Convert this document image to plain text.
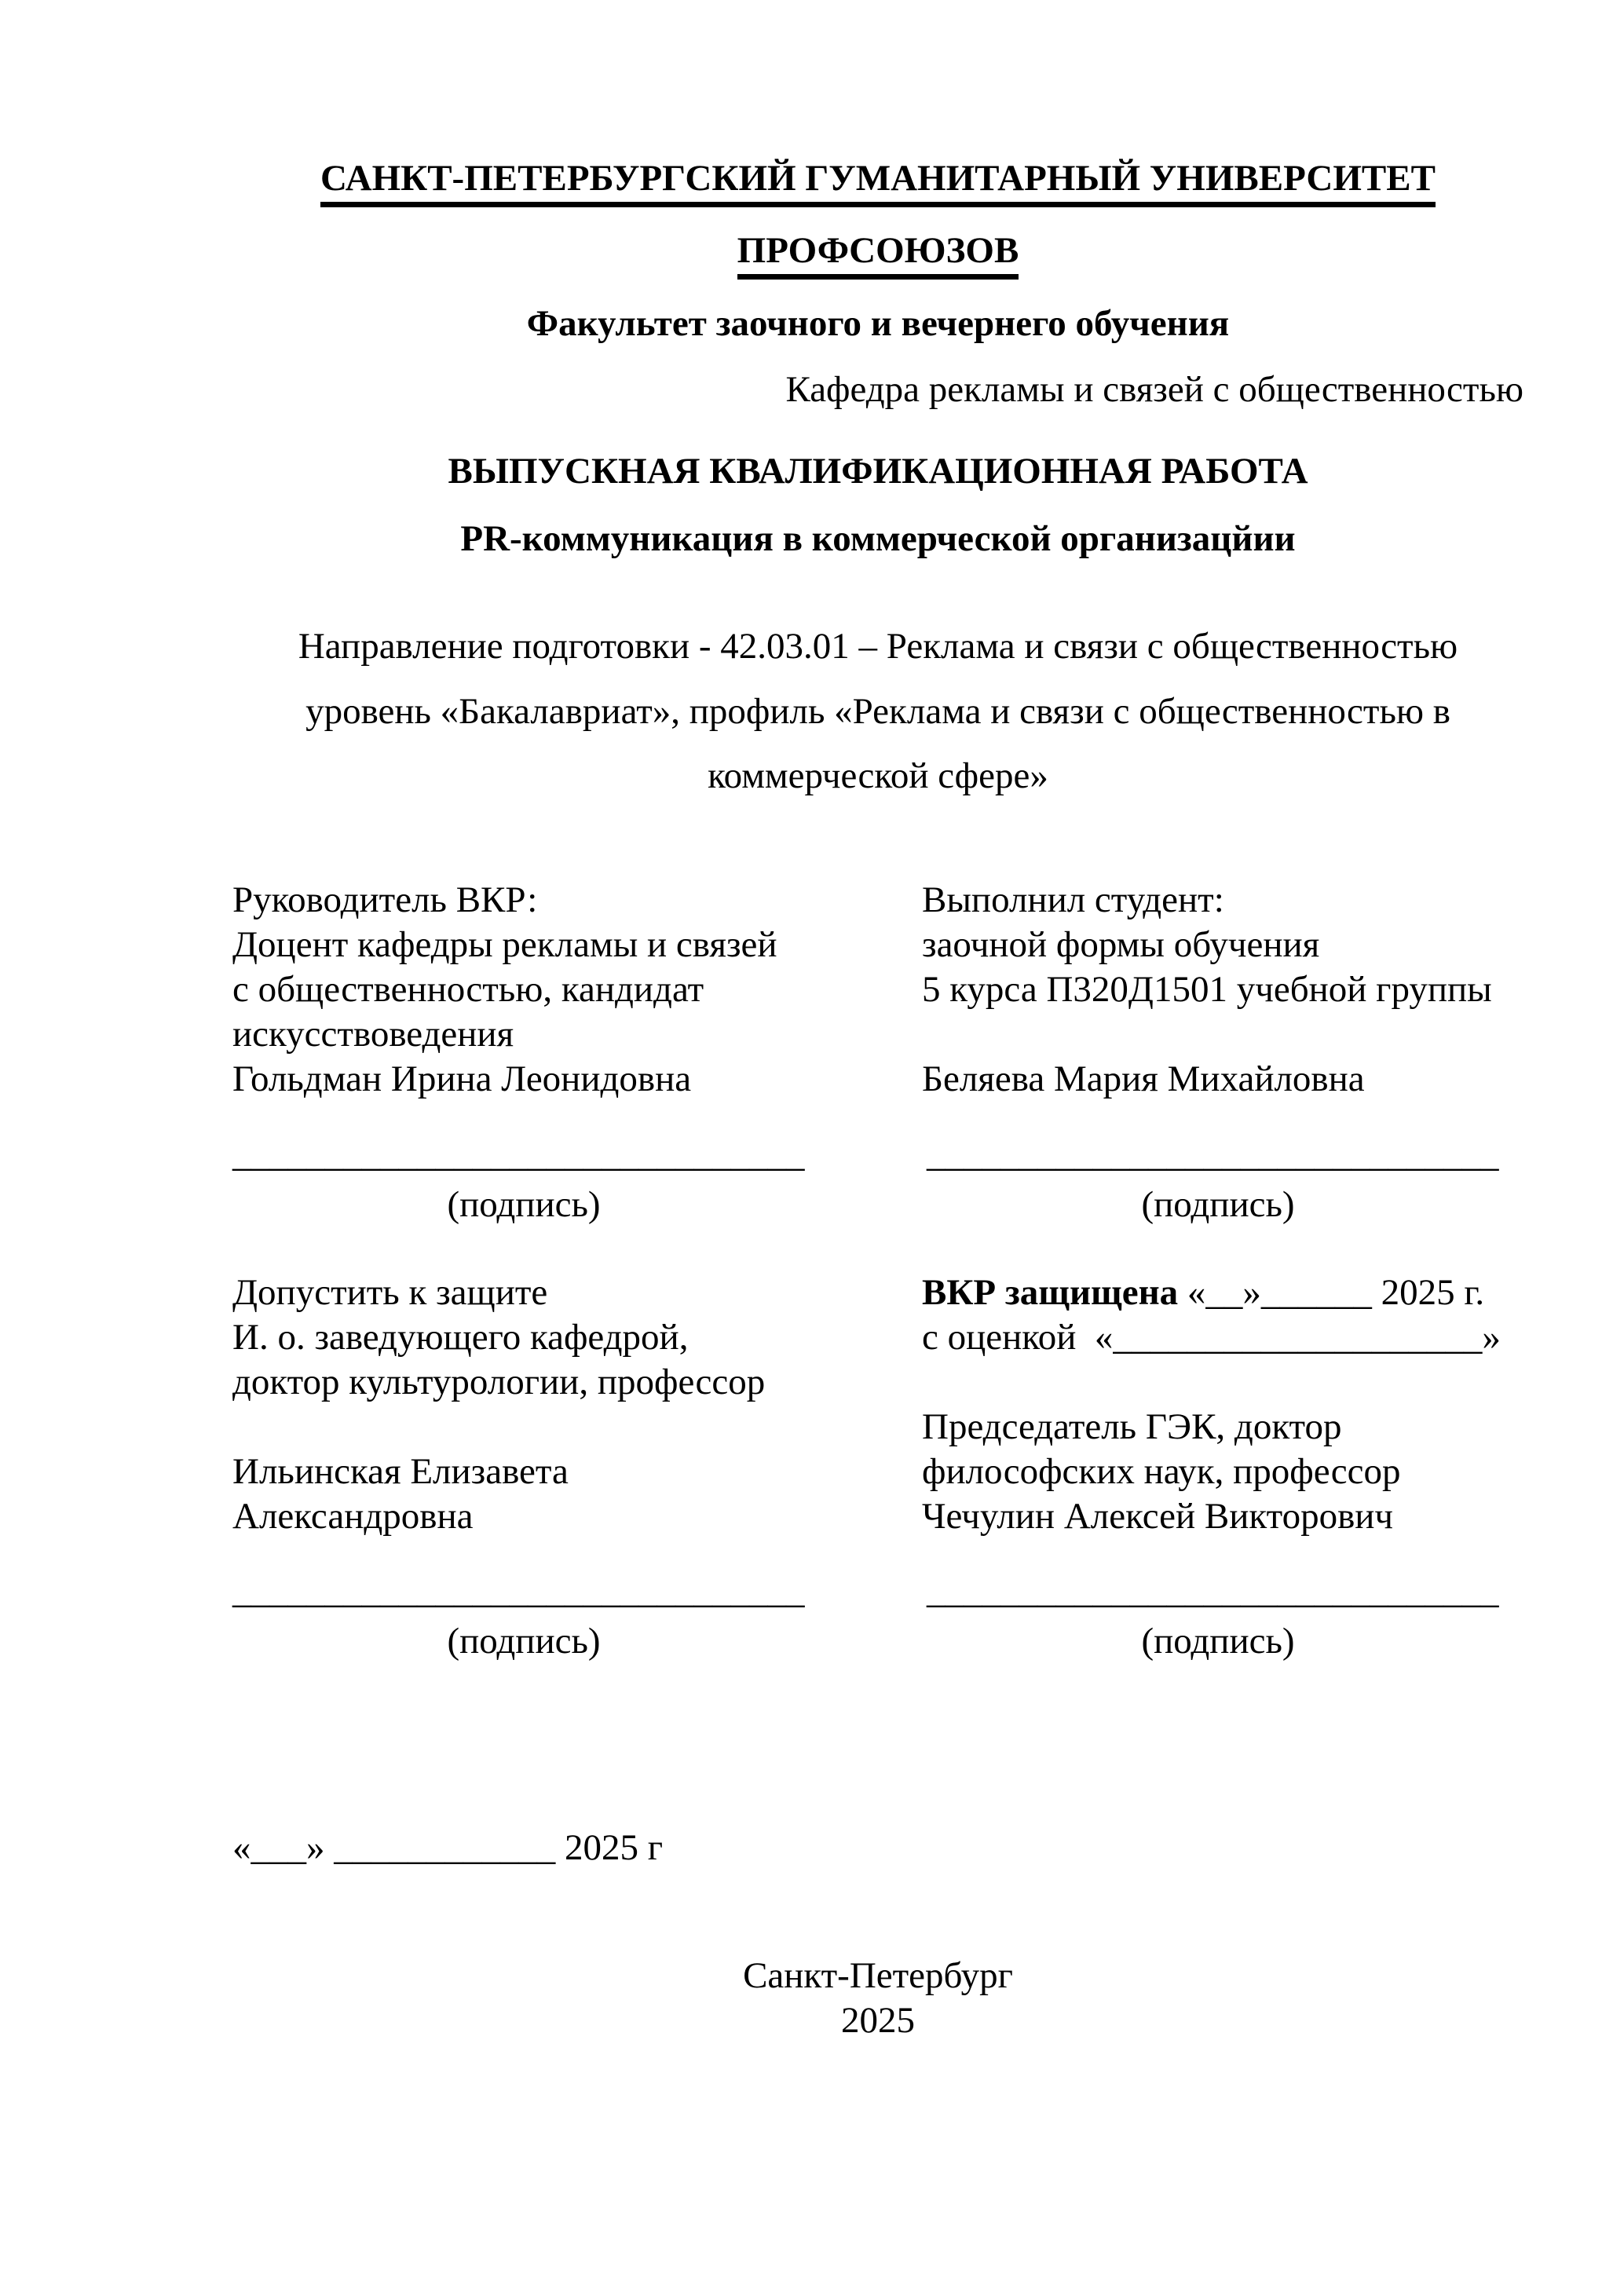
САНКТ-ПЕТЕРБУРГСКИЙ ГУМАНИТАРНЫЙ УНИВЕРСИТЕТ
ПРОФСОЮЗОВ
Факультет заочного и вечернего обучения
Кафедра рекламы и связей с общественностью
ВЫПУСКНАЯ КВАЛИФИКАЦИОННАЯ РАБОТА
PR-коммуникация в коммерческой организацйии
Направление подготовки - 42.03.01 – Реклама и связи с общественностью
уровень «Бакалавриат», профиль «Реклама и связи с общественностью в
коммерческой сфере»
Руководитель ВКР:
Доцент кафедры рекламы и связей
с общественностью, кандидат
искусствоведения
Гольдман Ирина Леонидовна
Выполнил студент:
заочной формы обучения
5 курса П320Д1501 учебной группы
Беляева Мария Михайловна
_______________________________	_______________________________
(подпись)	(подпись)
Допустить к защите
И. о. заведующего кафедрой,
доктор культурологии, профессор
Ильинская Елизавета
Александровна
ВКР защищена «__»______ 2025 г.
с оценкой  «____________________»
Председатель ГЭК, доктор
философских наук, профессор
Чечулин Алексей Викторович
_______________________________	_______________________________
(подпись)	(подпись)
«___» ____________ 2025 г
Санкт-Петербург
2025
